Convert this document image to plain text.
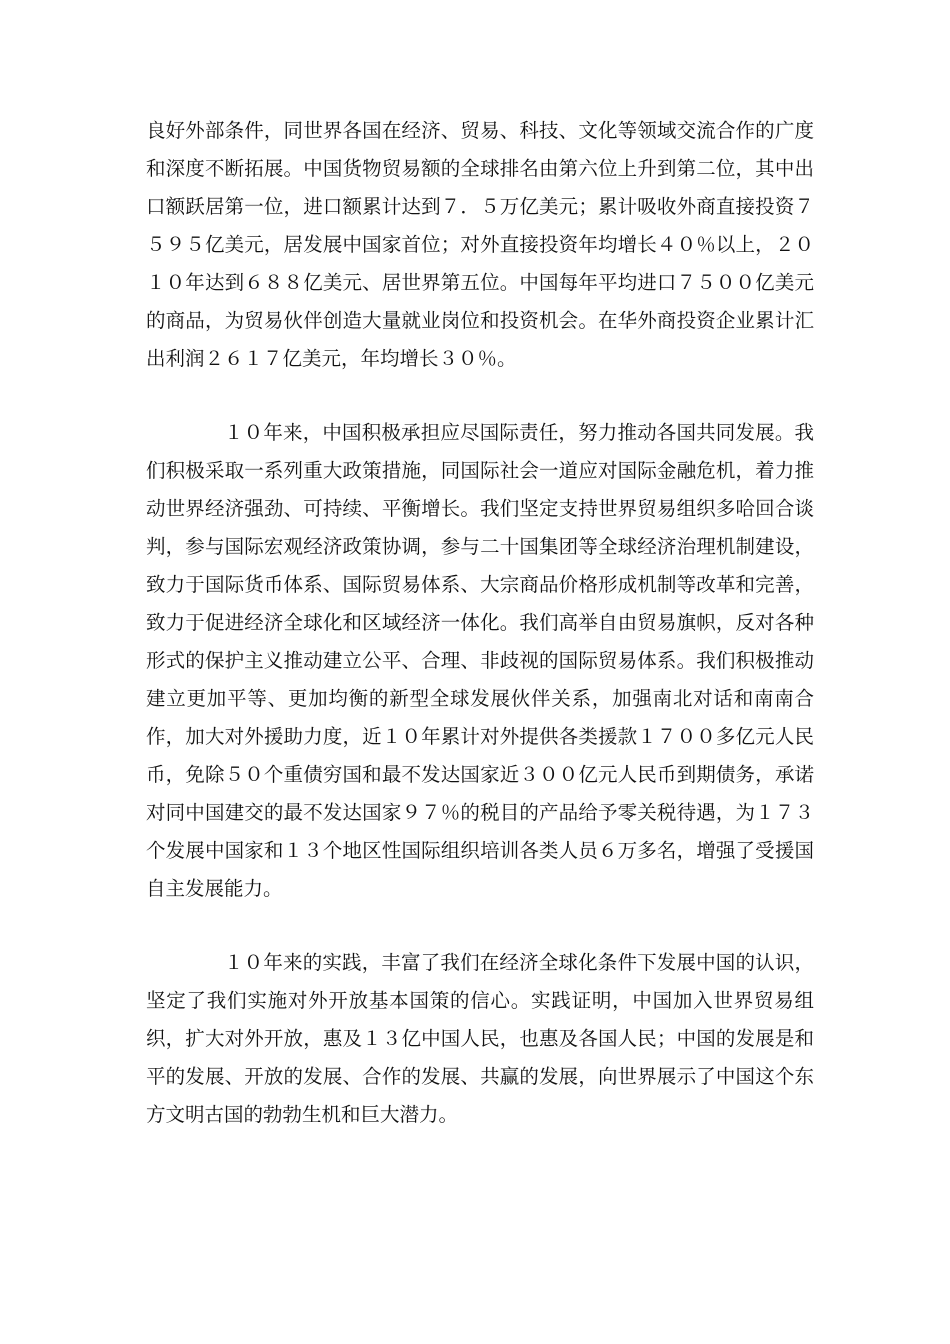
良好外部条件，同世界各国在经济、贸易、科技、文化等领域交流合作的广度和深度不断拓展。中国货物贸易额的全球排名由第六位上升到第二位，其中出口额跃居第一位，进口额累计达到７．５万亿美元；累计吸收外商直接投资７５９５亿美元，居发展中国家首位；对外直接投资年均增长４０％以上，２０１０年达到６８８亿美元、居世界第五位。中国每年平均进口７５００亿美元的商品，为贸易伙伴创造大量就业岗位和投资机会。在华外商投资企业累计汇出利润２６１７亿美元，年均增长３０％。

１０年来，中国积极承担应尽国际责任，努力推动各国共同发展。我们积极采取一系列重大政策措施，同国际社会一道应对国际金融危机，着力推动世界经济强劲、可持续、平衡增长。我们坚定支持世界贸易组织多哈回合谈判，参与国际宏观经济政策协调，参与二十国集团等全球经济治理机制建设，致力于国际货币体系、国际贸易体系、大宗商品价格形成机制等改革和完善，致力于促进经济全球化和区域经济一体化。我们高举自由贸易旗帜，反对各种形式的保护主义推动建立公平、合理、非歧视的国际贸易体系。我们积极推动建立更加平等、更加均衡的新型全球发展伙伴关系，加强南北对话和南南合作，加大对外援助力度，近１０年累计对外提供各类援款１７００多亿元人民币，免除５０个重债穷国和最不发达国家近３００亿元人民币到期债务，承诺对同中国建交的最不发达国家９７％的税目的产品给予零关税待遇，为１７３个发展中国家和１３个地区性国际组织培训各类人员６万多名，增强了受援国自主发展能力。

１０年来的实践，丰富了我们在经济全球化条件下发展中国的认识，坚定了我们实施对外开放基本国策的信心。实践证明，中国加入世界贸易组织，扩大对外开放，惠及１３亿中国人民，也惠及各国人民；中国的发展是和平的发展、开放的发展、合作的发展、共赢的发展，向世界展示了中国这个东方文明古国的勃勃生机和巨大潜力。
